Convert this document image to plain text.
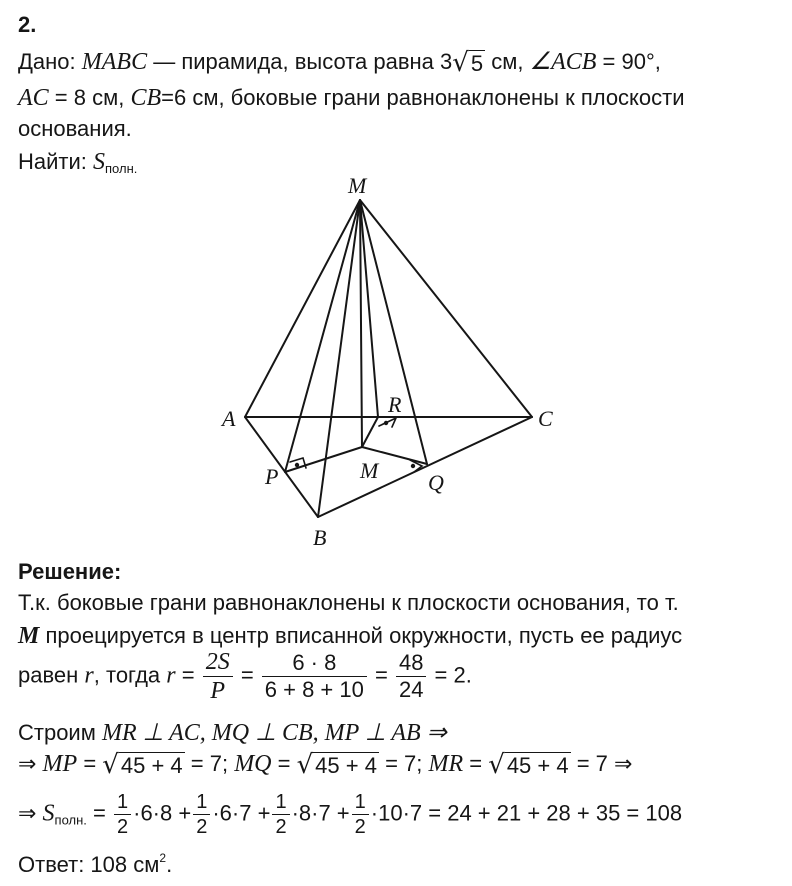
2.
Дано: MABC — пирамида, высота равна 3√5 см, ∠ACB = 90°,
AC = 8 см, CB=6 см, боковые грани равнонаклонены к плоскости
основания.
Найти: $S_{полн.}$
M
A	C
R
P	M Q
B
Решение:
Т.к. боковые грани равнонаклонены к плоскости основания, то т.
M проецируется в центр вписанной окружности, пусть ее радиус
равен r, тогда $r = \frac{2S}{P} = \frac{6 \cdot 8}{6 + 8 + 10} = \frac{48}{24} = 2$.
Строим MR ⊥ AC, MQ ⊥ CB, MP ⊥ AB ⇒
⇒ MP = √45 + 4 = 7; MQ = √45 + 4 = 7; MR = √45 + 4 = 7 ⇒
⇒ $S_{полн.} = \frac{1}{2} \cdot 6\cdot 8 + \frac{1}{2} \cdot 6\cdot 7 + \frac{1}{2} \cdot 8\cdot 7 + \frac{1}{2} \cdot 10\cdot 7 = 24 + 21 + 28 + 35 = 108$
Ответ: 108 $см^2$.
